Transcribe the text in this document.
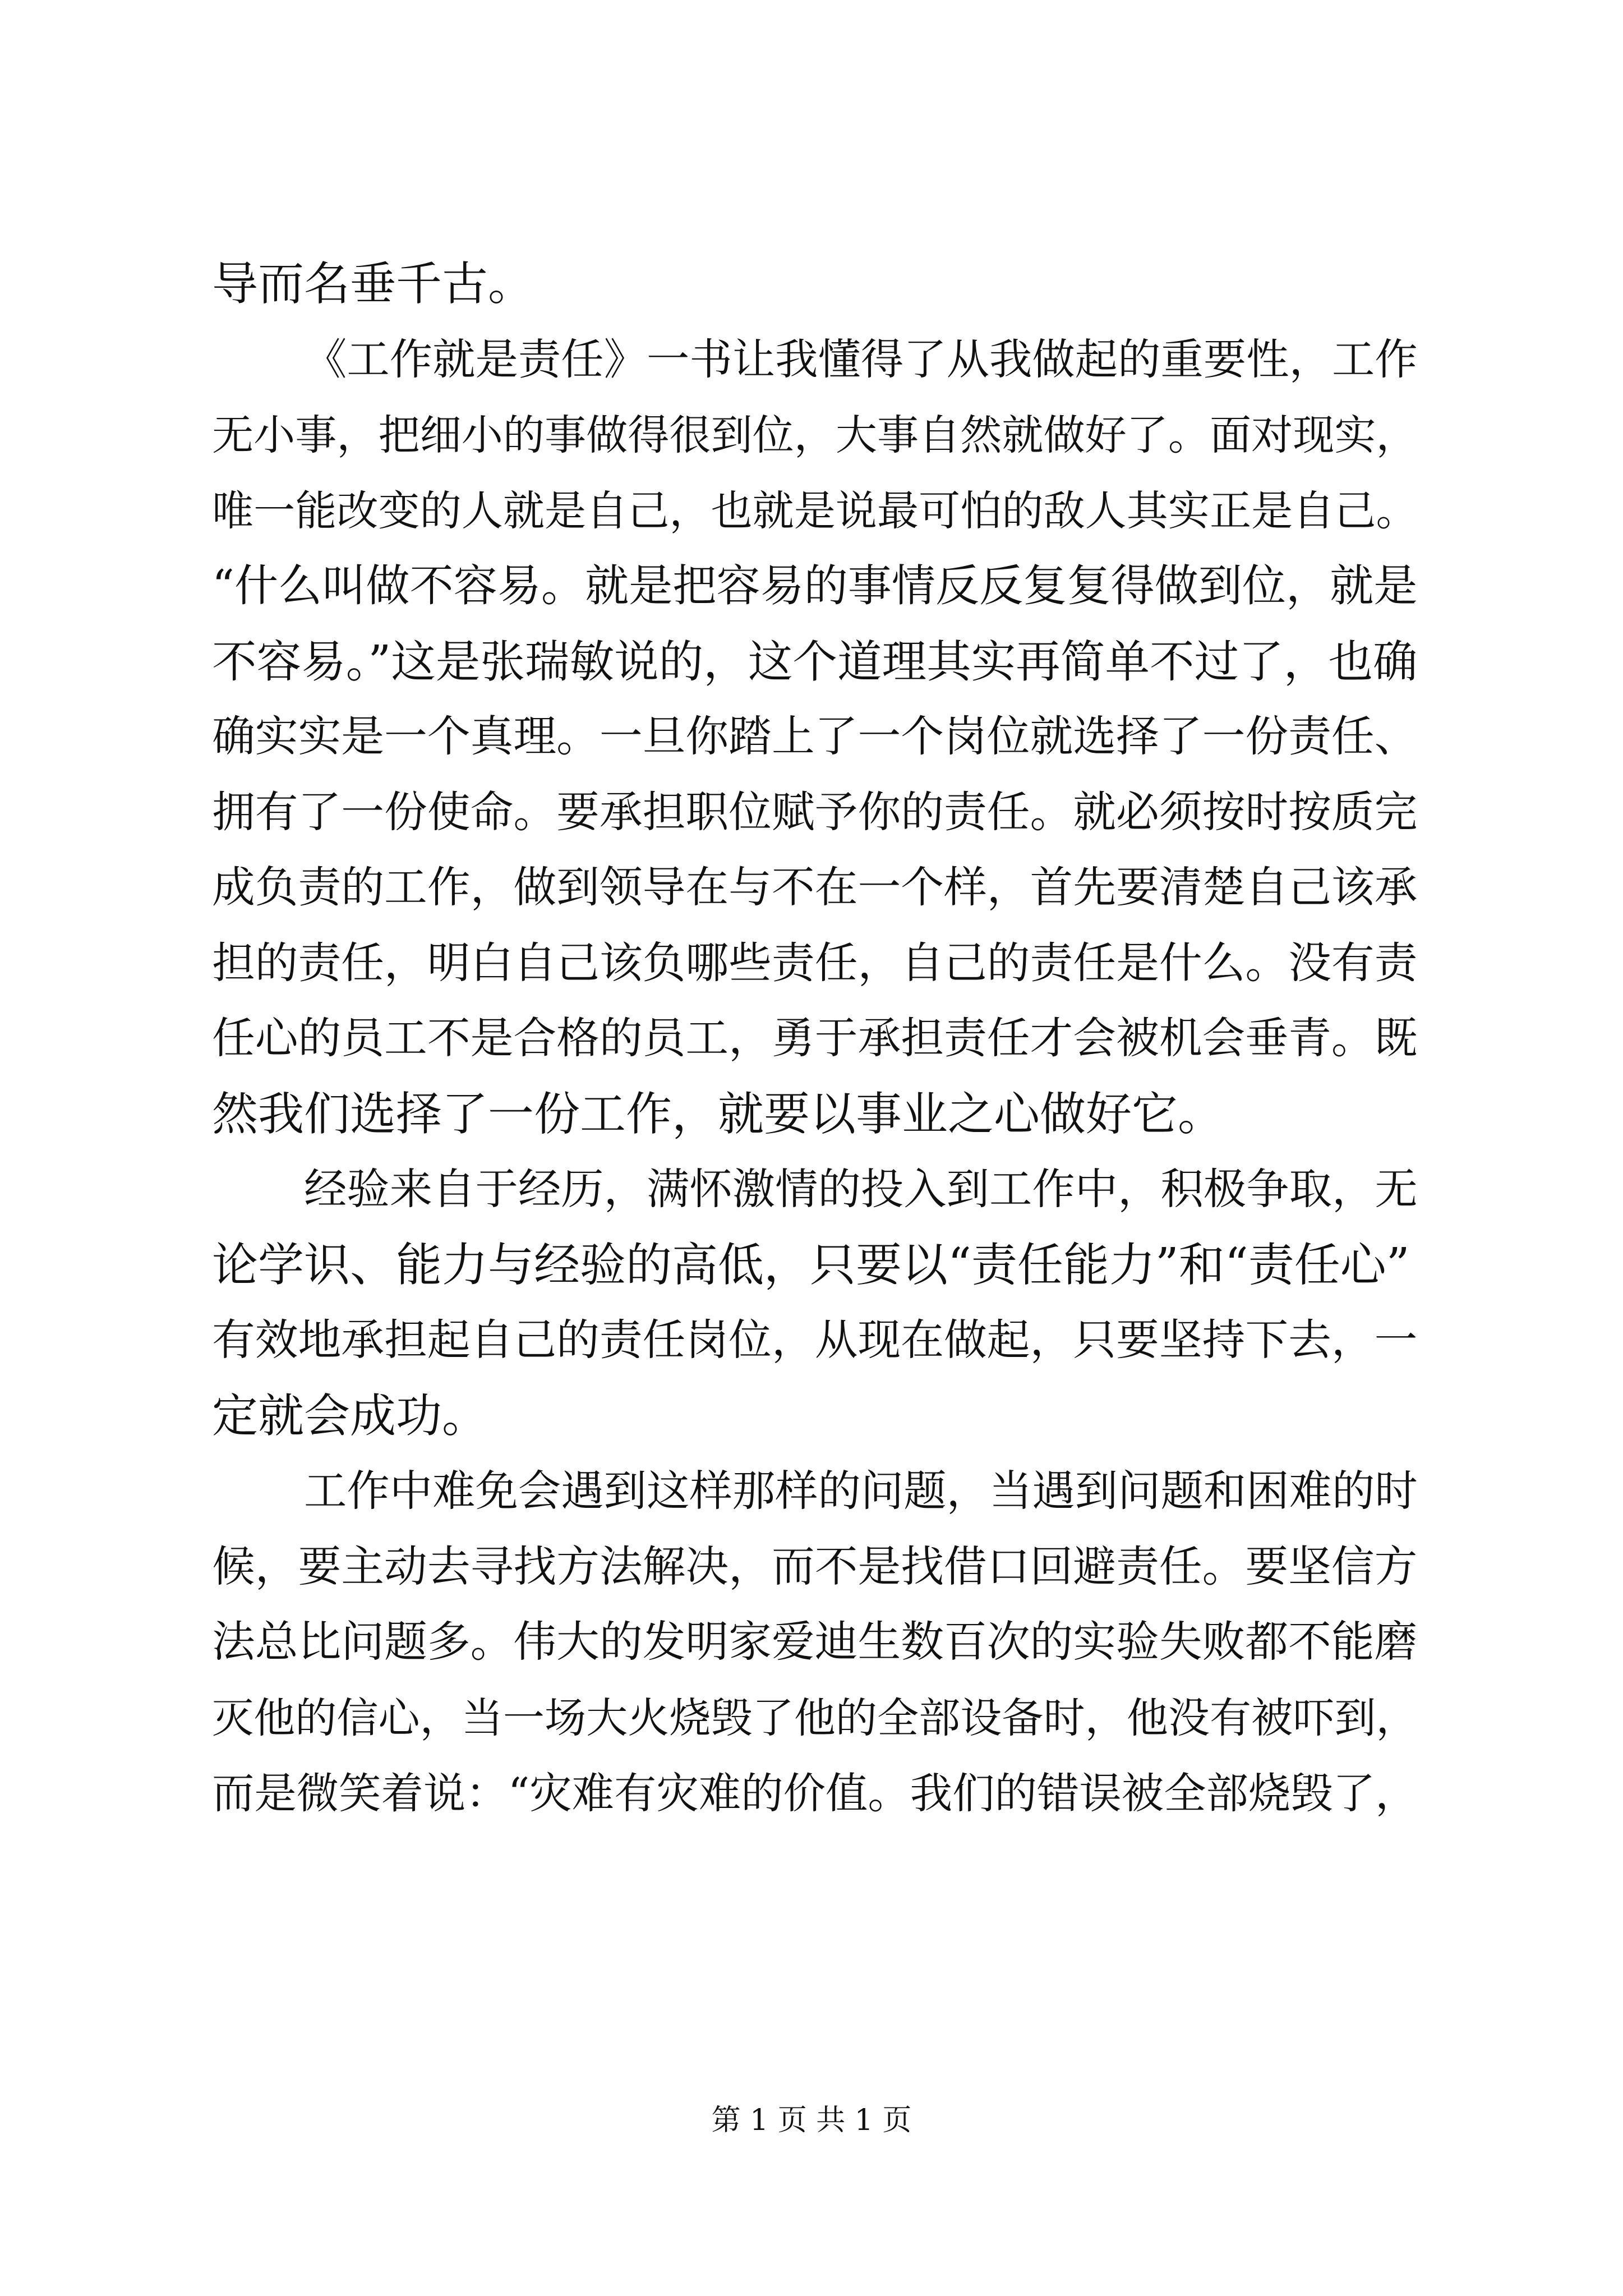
导而名垂千古。
《工作就是责任》一书让我懂得了从我做起的重要性，工作
无小事，把细小的事做得很到位，大事自然就做好了。面对现实，
唯一能改变的人就是自己，也就是说最可怕的敌人其实正是自己。
“什么叫做不容易。就是把容易的事情反反复复得做到位，就是
不容易。”这是张瑞敏说的，这个道理其实再简单不过了，也确
确实实是一个真理。一旦你踏上了一个岗位就选择了一份责任、
拥有了一份使命。要承担职位赋予你的责任。就必须按时按质完
成负责的工作，做到领导在与不在一个样，首先要清楚自己该承
担的责任，明白自己该负哪些责任，自己的责任是什么。没有责
任心的员工不是合格的员工，勇于承担责任才会被机会垂青。既
然我们选择了一份工作，就要以事业之心做好它。
经验来自于经历，满怀激情的投入到工作中，积极争取，无
论学识、能力与经验的高低，只要以“责任能力”和“责任心”
有效地承担起自己的责任岗位，从现在做起，只要坚持下去，一
定就会成功。
工作中难免会遇到这样那样的问题，当遇到问题和困难的时
候，要主动去寻找方法解决，而不是找借口回避责任。要坚信方
法总比问题多。伟大的发明家爱迪生数百次的实验失败都不能磨
灭他的信心，当一场大火烧毁了他的全部设备时，他没有被吓到，
而是微笑着说：“灾难有灾难的价值。我们的错误被全部烧毁了，
第 1 页 共 1 页
